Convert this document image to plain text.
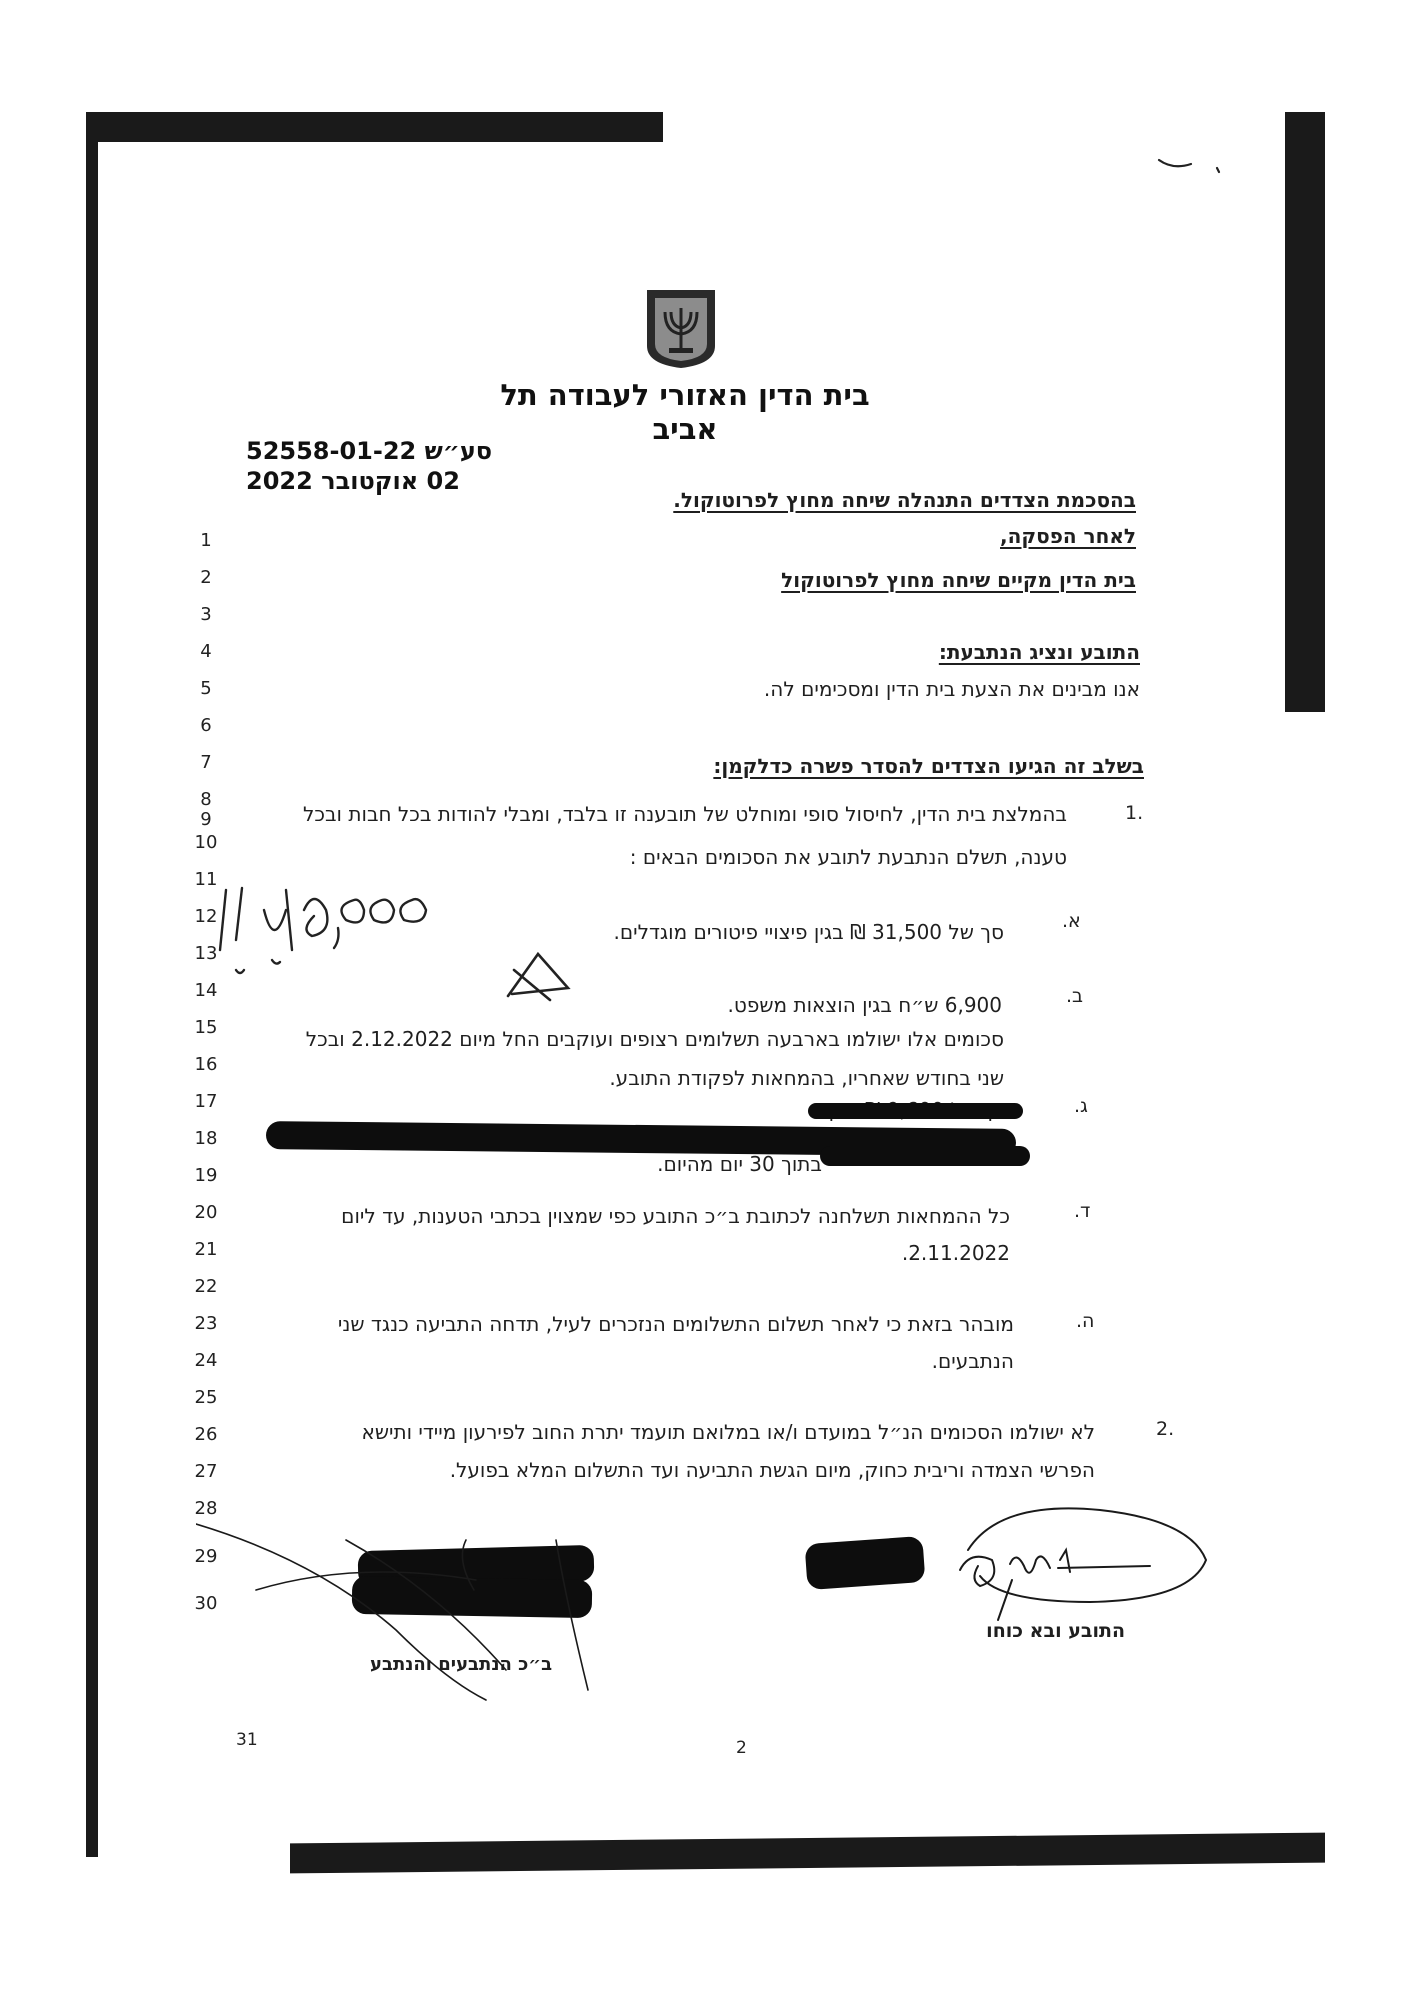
בית הדין האזורי לעבודה תל אביב
סע״ש 52558-01-22
02 אוקטובר 2022
1
2
3
4
5
6
7
8
9
10
11
12
13
14
15
16
17
18
19
20
21
22
23
24
25
26
27
28
29
30
בהסכמת הצדדים התנהלה שיחה מחוץ לפרוטוקול.
לאחר הפסקה,
בית הדין מקיים שיחה מחוץ לפרוטוקול
התובע ונציג הנתבעת:
אנו מבינים את הצעת בית הדין ומסכימים לה.
בשלב זה הגיעו הצדדים להסדר פשרה כדלקמן:
1.
בהמלצת בית הדין, לחיסול סופי ומוחלט של תובענה זו בלבד, ומבלי להודות בכל חבות ובכל
טענה, תשלם הנתבעת לתובע את הסכומים הבאים :
א.
סך של 31,500 ₪ בגין פיצויי פיטורים מוגדלים.
ב.
6,900 ש״ח בגין הוצאות משפט.
סכומים אלו ישולמו בארבעה תשלומים רצופים ועוקבים החל מיום 2.12.2022 ובכל
שני בחודש שאחריו, בהמחאות לפקודת התובע.
ג.
בתוך 30 יום מהיום.
ד.
כל ההמחאות תשלחנה לכתובת ב״כ התובע כפי שמצוין בכתבי הטענות, עד ליום
2.11.2022.
ה.
מובהר בזאת כי לאחר תשלום התשלומים הנזכרים לעיל, תדחה התביעה כנגד שני
הנתבעים.
2.
לא ישולמו הסכומים הנ״ל במועדם ו/או במלואם תועמד יתרת החוב לפירעון מיידי ותישא
הפרשי הצמדה וריבית כחוק, מיום הגשת התביעה ועד התשלום המלא בפועל.
התובע ובא כוחו
ב״כ הנתבעים והנתבע
31	2
